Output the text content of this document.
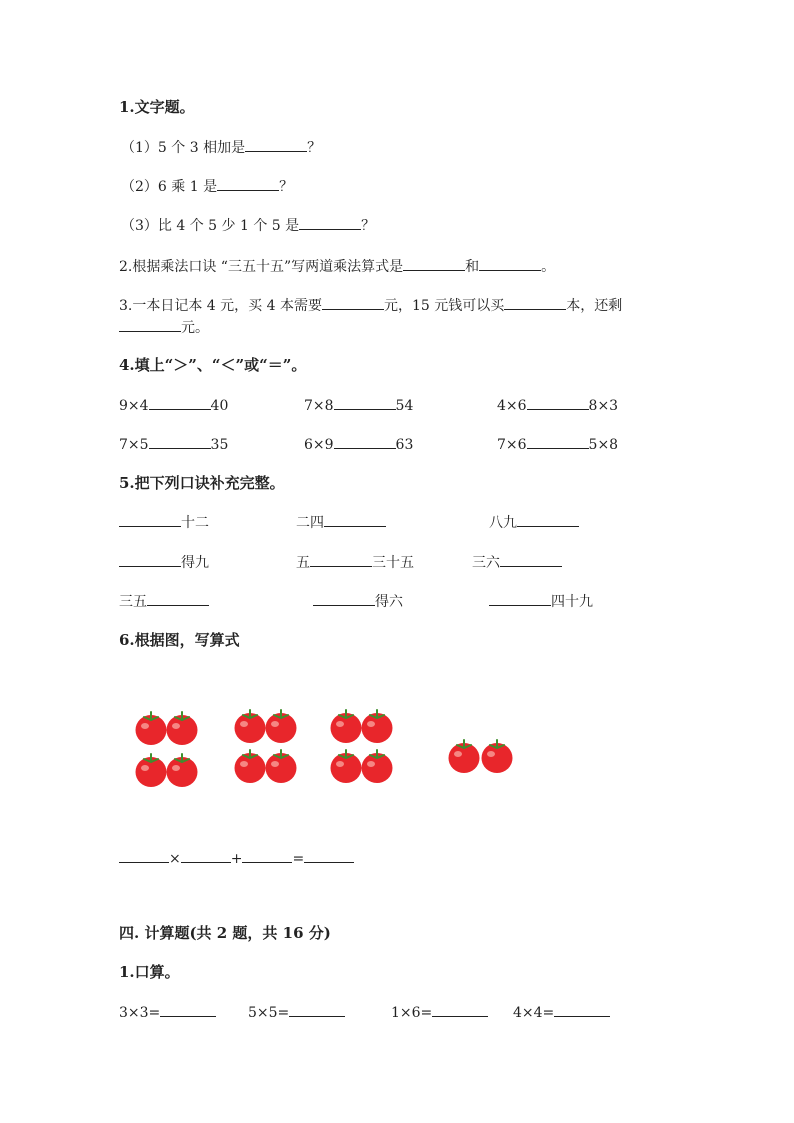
1.文字题。
（1）5 个 3 相加是	？
（2）6 乘 1 是	？
（3）比 4 个 5 少 1 个 5 是	？
2.根据乘法口诀 “三五十五”写两道乘法算式是	和	。
3.一本日记本 4 元，买 4 本需要	元，15 元钱可以买	本，还剩
元。
4.填上“＞”、“＜”或“＝”。
9×4	40	7×8	54	4×6	8×3
7×5	35	6×9	63	7×6	5×8
5.把下列口诀补充完整。
十二	二四	八九
得九	五	三十五	三六
三五	得六	四十九
6.根据图，写算式
×	+	=
四. 计算题(共 2 题，共 16 分)
1.口算。
3×3=	5×5=	1×6=	4×4=
